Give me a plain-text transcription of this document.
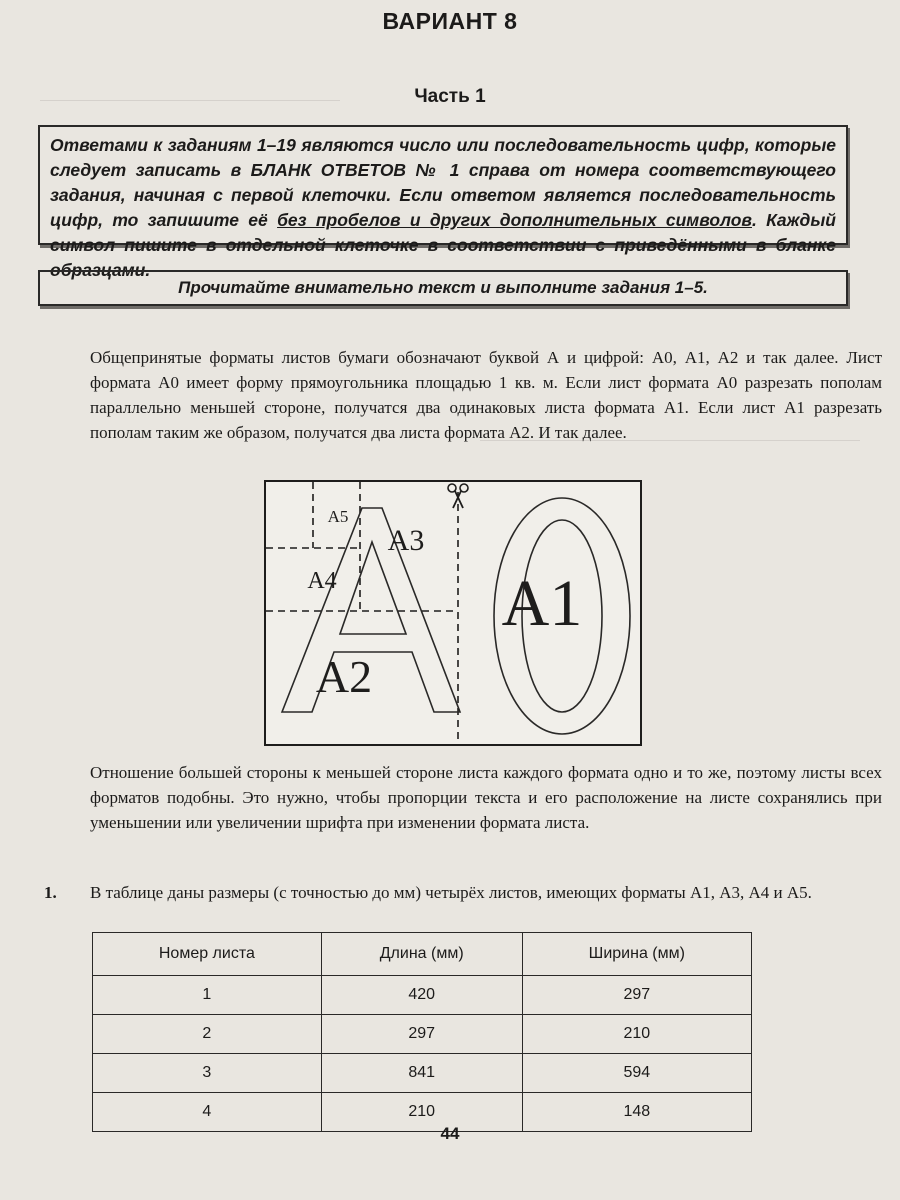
ВАРИАНТ 8
Часть 1
Ответами к заданиям 1–19 являются число или последовательность цифр, которые следует записать в БЛАНК ОТВЕТОВ № 1 справа от номера соответствующего задания, начиная с первой клеточки. Если ответом является последовательность цифр, то запишите её без пробелов и других дополнительных символов. Каждый символ пишите в отдельной клеточке в соответствии с приведёнными в бланке образцами.
Прочитайте внимательно текст и выполните задания 1–5.
Общепринятые форматы листов бумаги обозначают буквой А и цифрой: А0, А1, А2 и так далее. Лист формата А0 имеет форму прямоугольника площадью 1 кв. м. Если лист формата А0 разрезать пополам параллельно меньшей стороне, получатся два одинаковых листа формата А1. Если лист А1 разрезать пополам таким же образом, получатся два листа формата А2. И так далее.
A1
A2
A3
A4
A5
Отношение большей стороны к меньшей стороне листа каждого формата одно и то же, поэтому листы всех форматов подобны. Это нужно, чтобы пропорции текста и его расположение на листе сохранялись при уменьшении или увеличении шрифта при изменении формата листа.
1. В таблице даны размеры (с точностью до мм) четырёх листов, имеющих форматы А1, А3, А4 и А5.
Номер листа	Длина (мм)	Ширина (мм)
1	420	297
2	297	210
3	841	594
4	210	148
44
